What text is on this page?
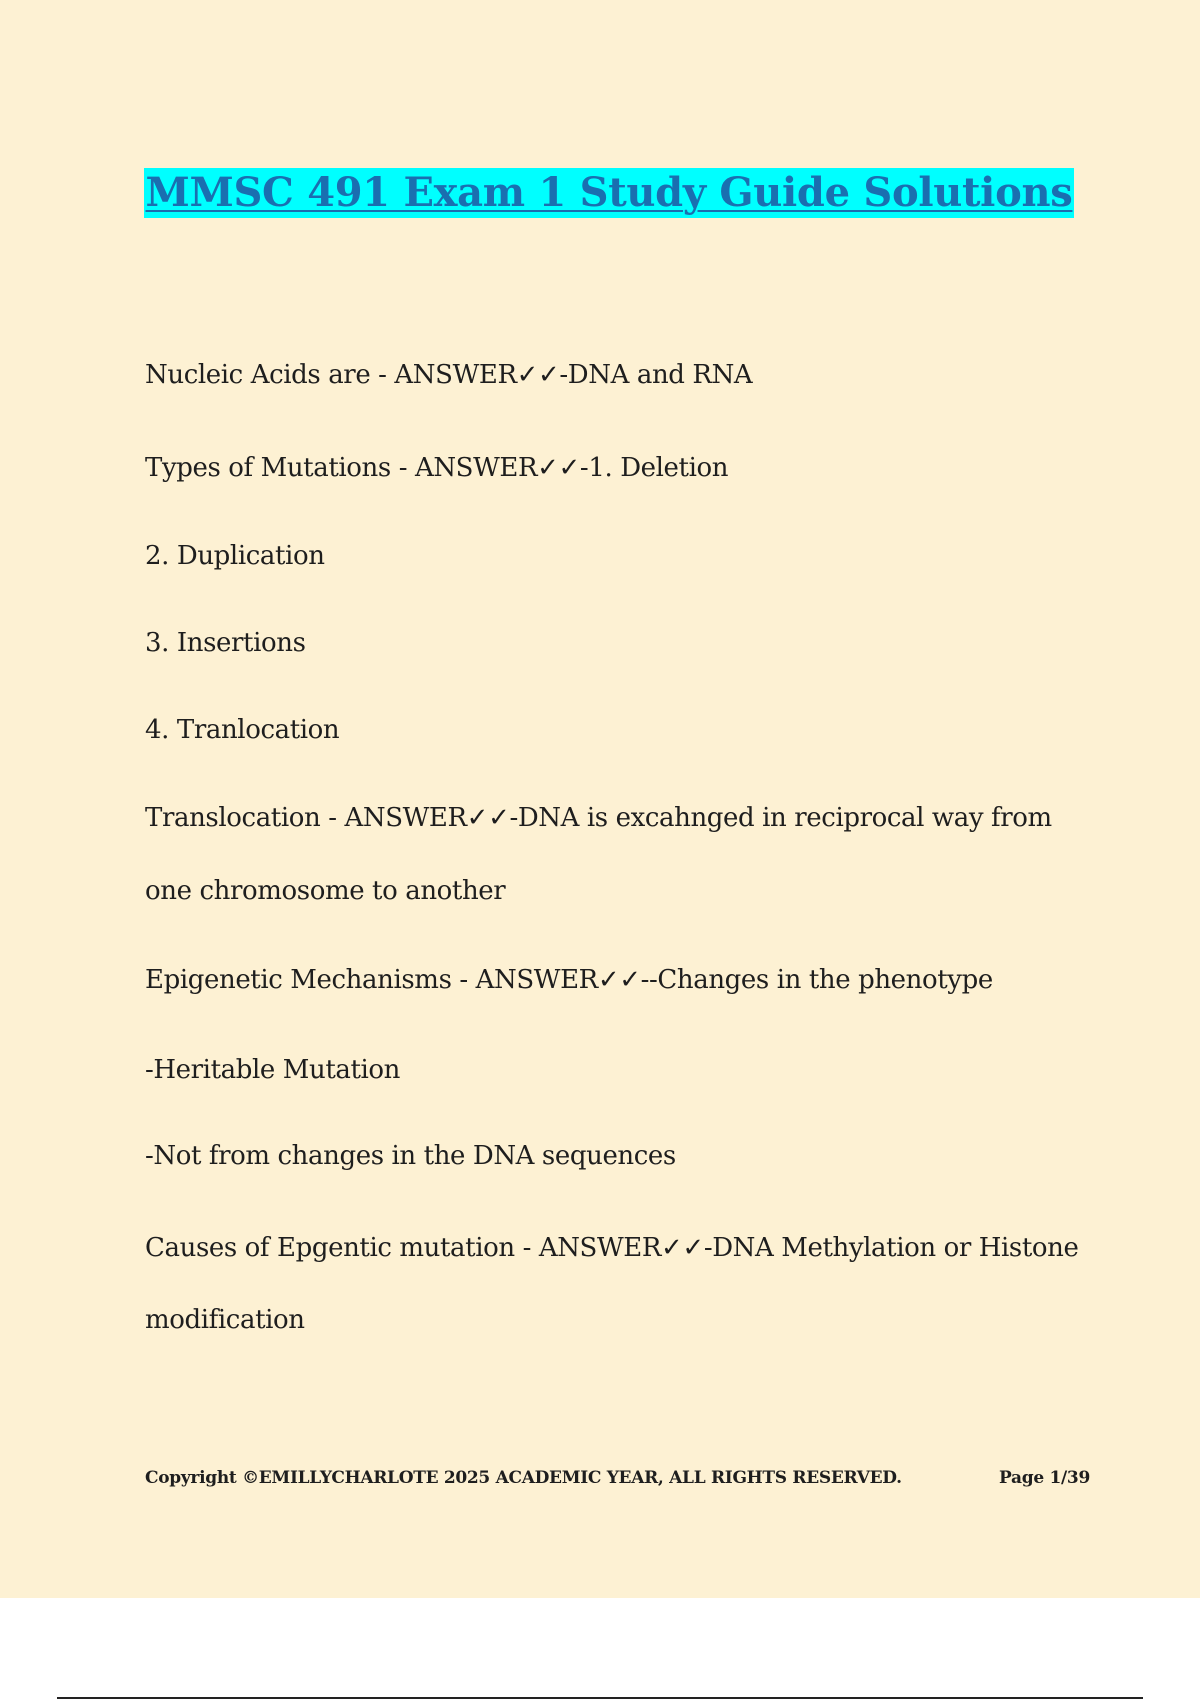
MMSC 491 Exam 1 Study Guide Solutions
Nucleic Acids are - ANSWER✓✓-DNA and RNA
Types of Mutations - ANSWER✓✓-1. Deletion
2. Duplication
3. Insertions
4. Tranlocation
Translocation - ANSWER✓✓-DNA is excahnged in reciprocal way from
one chromosome to another
Epigenetic Mechanisms - ANSWER✓✓--Changes in the phenotype
-Heritable Mutation
-Not from changes in the DNA sequences
Causes of Epgentic mutation - ANSWER✓✓-DNA Methylation or Histone
modification
Copyright ©EMILLYCHARLOTE 2025 ACADEMIC YEAR, ALL RIGHTS RESERVED.	Page 1/39
